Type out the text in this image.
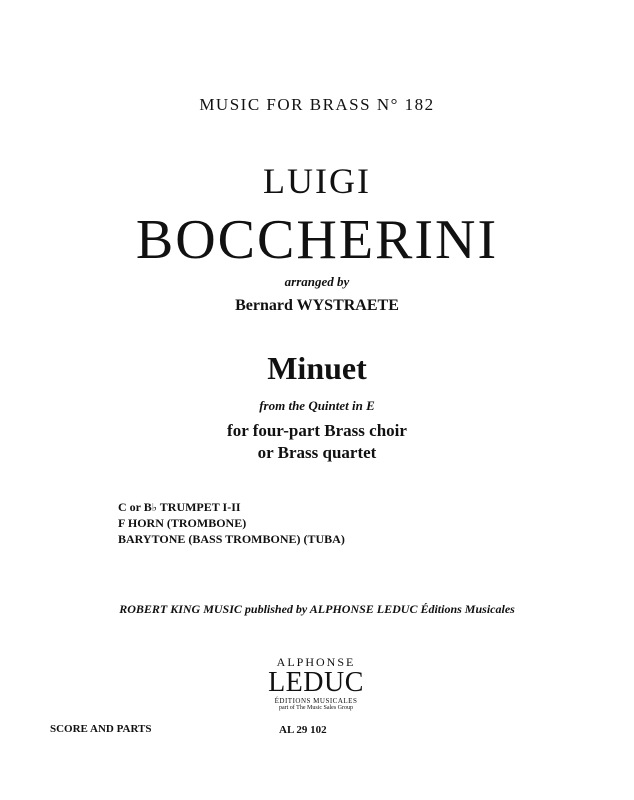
MUSIC FOR BRASS N° 182
LUIGI
BOCCHERINI
arranged by
Bernard WYSTRAETE
Minuet
from the Quintet in E
for four-part Brass choir
or Brass quartet
C or B♭ TRUMPET I-II
F HORN (TROMBONE)
BARYTONE (BASS TROMBONE) (TUBA)
ROBERT KING MUSIC published by ALPHONSE LEDUC Éditions Musicales
ALPHONSE
LEDUC
ÉDITIONS MUSICALES
part of The Music Sales Group
SCORE AND PARTS	AL 29 102
